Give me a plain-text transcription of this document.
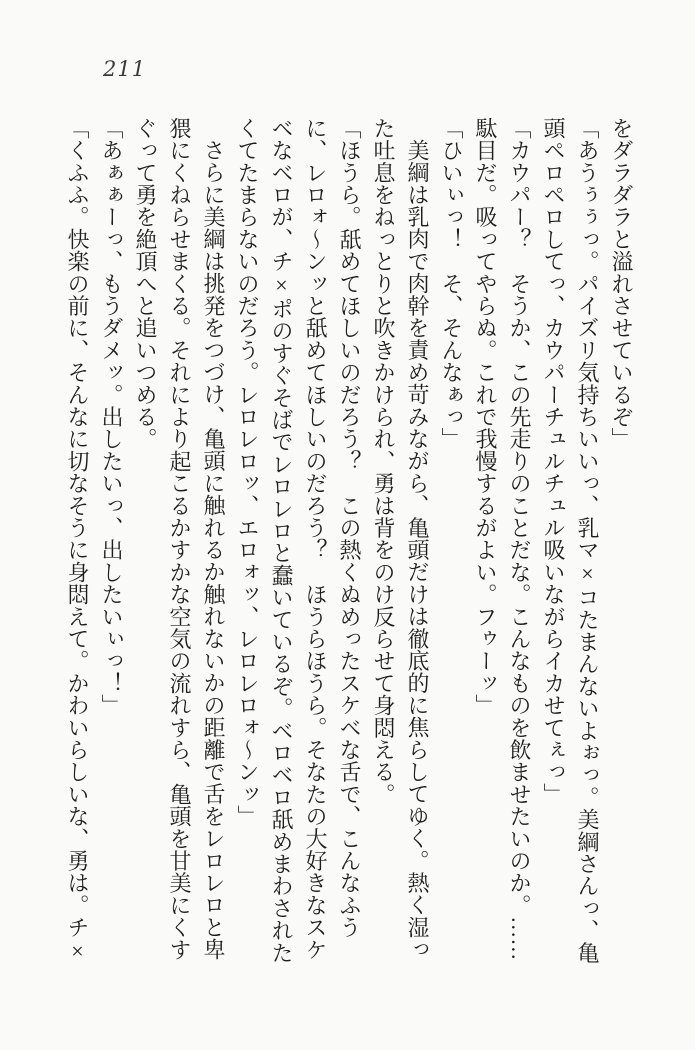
211

をダラダラと溢れさせているぞ」

「あうぅぅっ。パイズリ気持ちいいっ、乳マ×コたまんないよぉっ。美綱さんっ、亀頭ペロペロしてっ、カウパーチュルチュル吸いながらイカせてぇっ」

「カウパー？　そうか、この先走りのことだな。こんなものを飲ませたいのか。……駄目だ。吸ってやらぬ。これで我慢するがよい。フゥーッ」

「ひいぃっ！　そ、そんなぁっ」

美綱は乳肉で肉幹を責め苛みながら、亀頭だけは徹底的に焦らしてゆく。熱く湿った吐息をねっとりと吹きかけられ、勇は背をのけ反らせて身悶える。

「ほうら。舐めてほしいのだろう？　この熱くぬめったスケベな舌で、こんなふうに、レロォ～ンッと舐めてほしいのだろう？　ほうらほうら。そなたの大好きなスケベなベロが、チ×ポのすぐそばでレロレロと蠢いているぞ。ベロベロ舐めまわされたくてたまらないのだろう。レロレロッ、エロォッ、レロレロォ～ンッ」

さらに美綱は挑発をつづけ、亀頭に触れるか触れないかの距離で舌をレロレロと卑猥にくねらせまくる。それにより起こるかすかな空気の流れすら、亀頭を甘美にくすぐって勇を絶頂へと追いつめる。

「あぁぁーっ、もうダメッ。出したいっ、出したいぃっ！」

「くふふ。快楽の前に、そんなに切なそうに身悶えて。かわいらしいな、勇は。チ×
